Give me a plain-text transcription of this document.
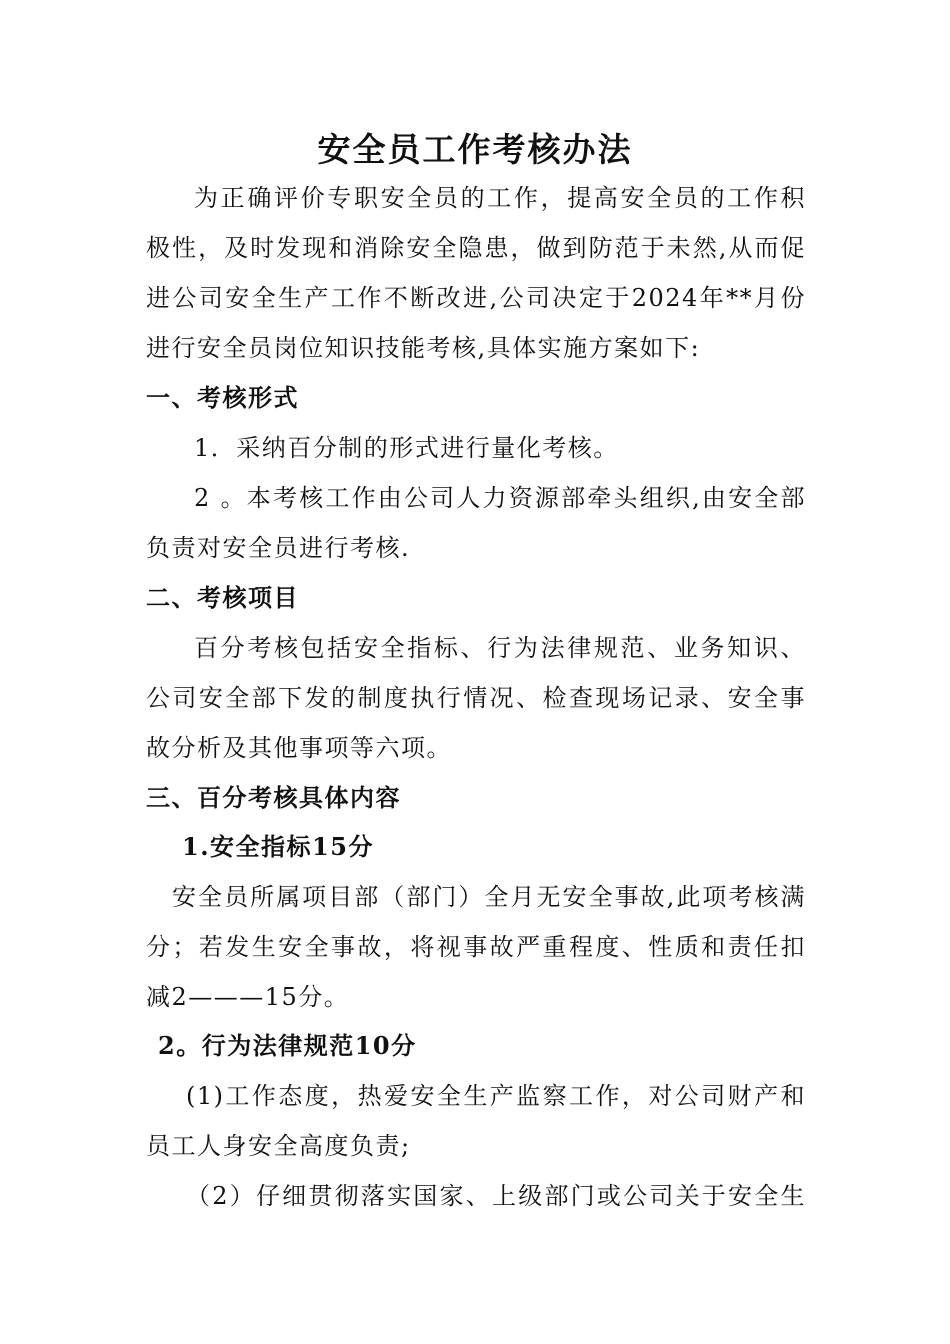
安全员工作考核办法
为正确评价专职安全员的工作，提高安全员的工作积
极性，及时发现和消除安全隐患，做到防范于未然,从而促
进公司安全生产工作不断改进,公司决定于2024年**月份
进行安全员岗位知识技能考核,具体实施方案如下:
一、考核形式
1．采纳百分制的形式进行量化考核。
2 。本考核工作由公司人力资源部牵头组织,由安全部
负责对安全员进行考核.
二、考核项目
百分考核包括安全指标、行为法律规范、业务知识、
公司安全部下发的制度执行情况、检查现场记录、安全事
故分析及其他事项等六项。
三、百分考核具体内容
1.安全指标15分
安全员所属项目部（部门）全月无安全事故,此项考核满
分；若发生安全事故，将视事故严重程度、性质和责任扣
减2———15分。
2。行为法律规范10分
(1)工作态度，热爱安全生产监察工作，对公司财产和
员工人身安全高度负责;
（2）仔细贯彻落实国家、上级部门或公司关于安全生
